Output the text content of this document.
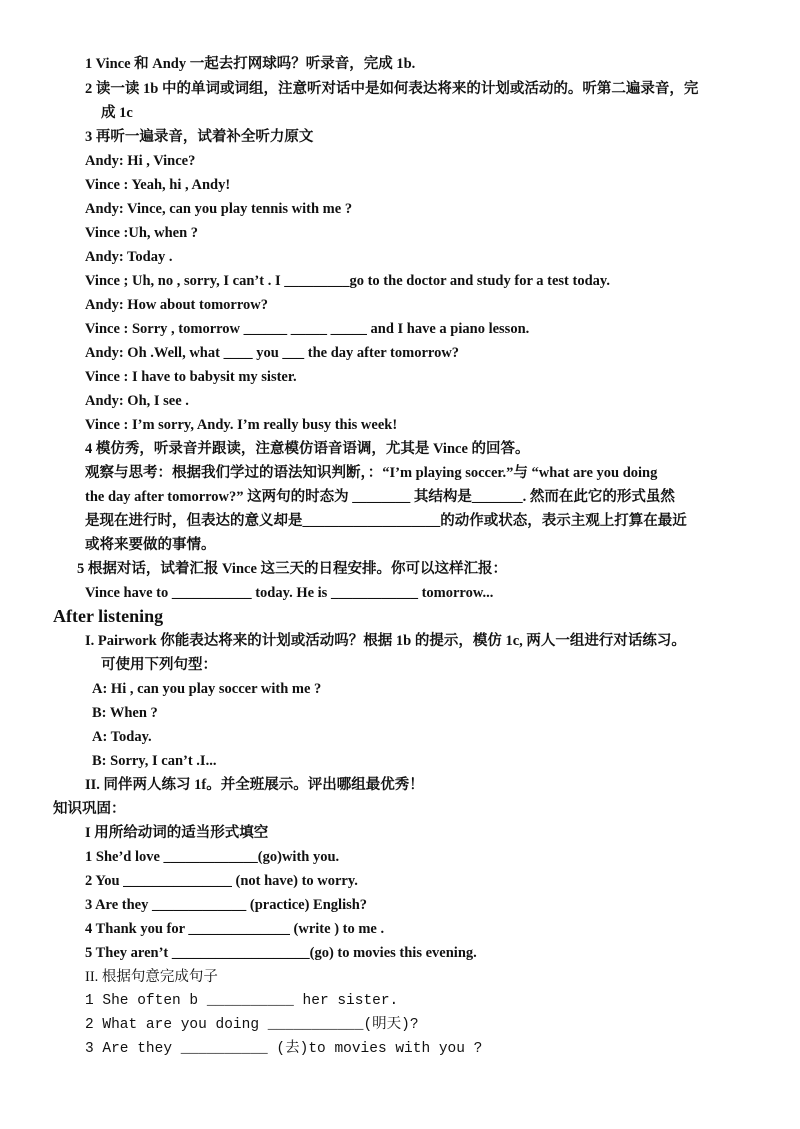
1 Vince 和 Andy 一起去打网球吗？听录音，完成 1b.
2 读一读 1b 中的单词或词组，注意听对话中是如何表达将来的计划或活动的。听第二遍录音，完
成 1c
3 再听一遍录音，试着补全听力原文
Andy: Hi , Vince?
Vince : Yeah, hi , Andy!
Andy: Vince, can you play tennis with me ?
Vince :Uh, when ?
Andy: Today .
Vince ; Uh, no , sorry, I can’t . I _________go to the doctor and study for a test today.
Andy: How about tomorrow?
Vince : Sorry , tomorrow ______ _____ _____ and I have a piano lesson.
Andy: Oh .Well, what ____ you ___ the day after tomorrow?
Vince : I have to babysit my sister.
Andy: Oh, I see .
Vince : I’m sorry, Andy. I’m really busy this week!
4 模仿秀，听录音并跟读，注意模仿语音语调，尤其是 Vince 的回答。
观察与思考：根据我们学过的语法知识判断，：“I’m playing soccer.”与 “what are you doing
the day after tomorrow?” 这两句的时态为 ________ 其结构是_______. 然而在此它的形式虽然
是现在进行时，但表达的意义却是___________________的动作或状态，表示主观上打算在最近
或将来要做的事情。
5 根据对话，试着汇报 Vince 这三天的日程安排。你可以这样汇报：
Vince have to ___________ today. He is ____________ tomorrow...
After listening
I. Pairwork 你能表达将来的计划或活动吗？根据 1b 的提示，模仿 1c, 两人一组进行对话练习。
可使用下列句型：
A: Hi , can you play soccer with me ?
B: When ?
A: Today.
B: Sorry, I can’t .I...
II. 同伴两人练习 1f。并全班展示。评出哪组最优秀！
知识巩固：
I 用所给动词的适当形式填空
1 She’d love _____________(go)with you.
2 You _______________ (not have) to worry.
3 Are they _____________ (practice) English?
4 Thank you for ______________ (write ) to me .
5 They aren’t ___________________(go) to movies this evening.
II. 根据句意完成句子
1 She often b __________ her sister.
2 What are you doing ___________(明天)?
3 Are they __________ (去)to movies with you ?
